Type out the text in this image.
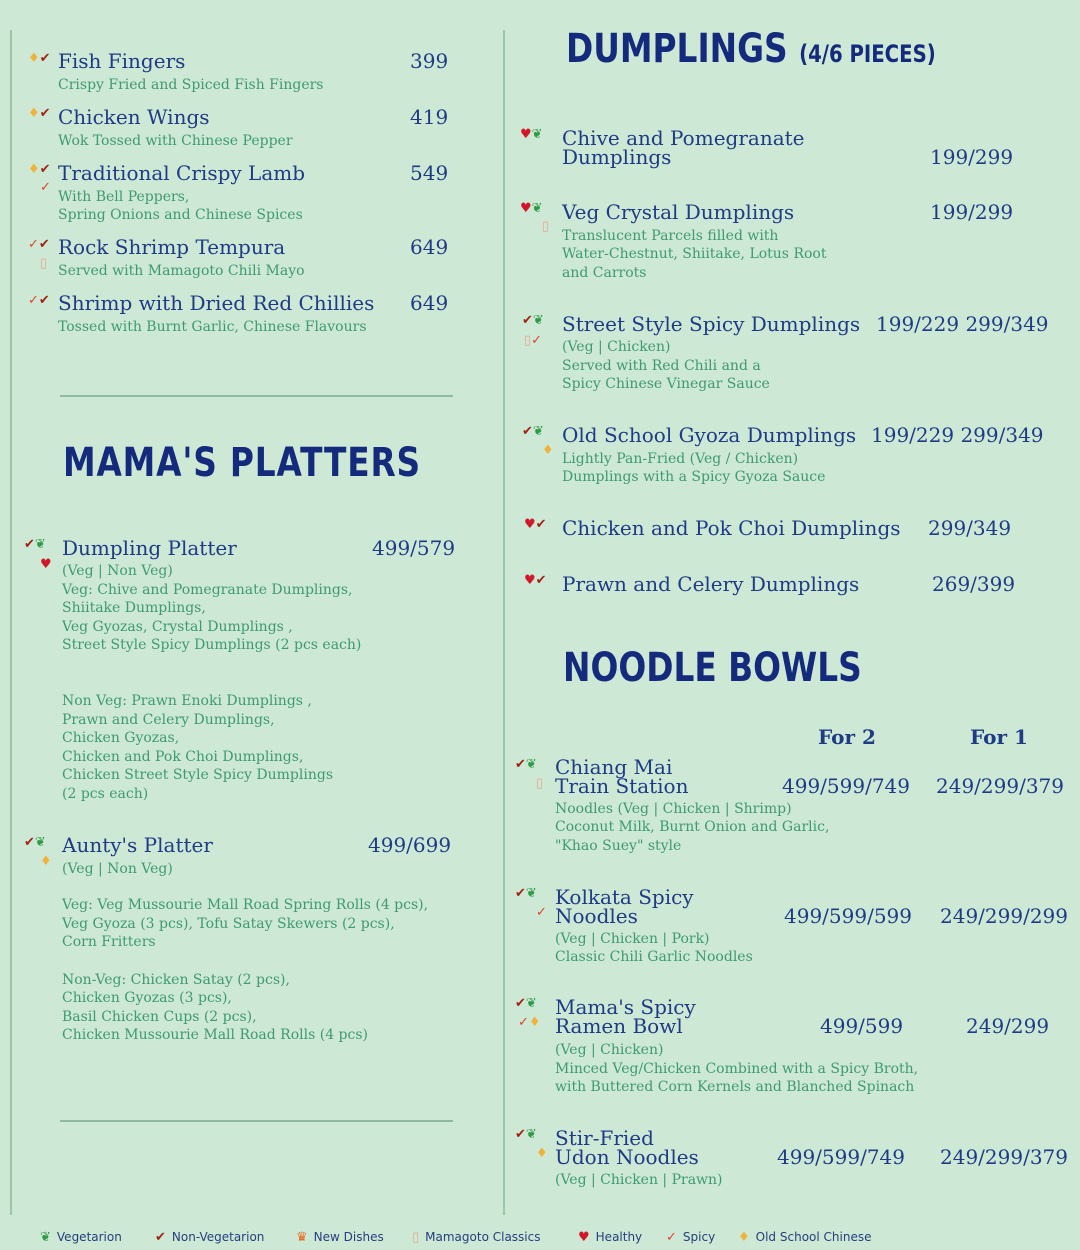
♦✔ Fish Fingers	399
Crispy Fried and Spiced Fish Fingers
♦✔ Chicken Wings	419
Wok Tossed with Chinese Pepper
♦✔
✓
Traditional Crispy Lamb	549
With Bell Peppers,
Spring Onions and Chinese Spices
✓✔
▯
Rock Shrimp Tempura	649
Served with Mamagoto Chili Mayo
✓✔ Shrimp with Dried Red Chillies 649
Tossed with Burnt Garlic, Chinese Flavours
MAMA'S PLATTERS
✔❦
♥
Dumpling Platter	499/579
(Veg | Non Veg)
Veg: Chive and Pomegranate Dumplings,
Shiitake Dumplings,
Veg Gyozas, Crystal Dumplings ,
Street Style Spicy Dumplings (2 pcs each)
Non Veg: Prawn Enoki Dumplings ,
Prawn and Celery Dumplings,
Chicken Gyozas,
Chicken and Pok Choi Dumplings,
Chicken Street Style Spicy Dumplings
(2 pcs each)
✔❦
♦
Aunty's Platter	499/699
(Veg | Non Veg)
Veg: Veg Mussourie Mall Road Spring Rolls (4 pcs),
Veg Gyoza (3 pcs), Tofu Satay Skewers (2 pcs),
Corn Fritters
Non-Veg: Chicken Satay (2 pcs),
Chicken Gyozas (3 pcs),
Basil Chicken Cups (2 pcs),
Chicken Mussourie Mall Road Rolls (4 pcs)
DUMPLINGS (4/6 PIECES)
♥❦ Chive and Pomegranate
Dumplings	199/299
♥❦
▯
Veg Crystal Dumplings	199/299
Translucent Parcels filled with
Water-Chestnut, Shiitake, Lotus Root
and Carrots
✔❦
▯✓
Street Style Spicy Dumplings 199/229 299/349
(Veg | Chicken)
Served with Red Chili and a
Spicy Chinese Vinegar Sauce
✔❦
♦
Old School Gyoza Dumplings 199/229 299/349
Lightly Pan-Fried (Veg / Chicken)
Dumplings with a Spicy Gyoza Sauce
♥✔ Chicken and Pok Choi Dumplings 299/349
♥✔ Prawn and Celery Dumplings	269/399
NOODLE BOWLS
For 2	For 1
✔❦
▯
Chiang Mai
Train Station	499/599/749 249/299/379
Noodles (Veg | Chicken | Shrimp)
Coconut Milk, Burnt Onion and Garlic,
"Khao Suey" style
✔❦
✓
Kolkata Spicy
Noodles	499/599/599 249/299/299
(Veg | Chicken | Pork)
Classic Chili Garlic Noodles
✔❦
✓♦
Mama's Spicy
Ramen Bowl	499/599	249/299
(Veg | Chicken)
Minced Veg/Chicken Combined with a Spicy Broth,
with Buttered Corn Kernels and Blanched Spinach
✔❦
♦
Stir-Fried
Udon Noodles	499/599/749 249/299/379
(Veg | Chicken | Prawn)
❦ Vegetarion	✔ Non-Vegetarion ♛ New Dishes ▯ Mamagoto Classics	♥ Healthy ✓ Spicy ♦ Old School Chinese
